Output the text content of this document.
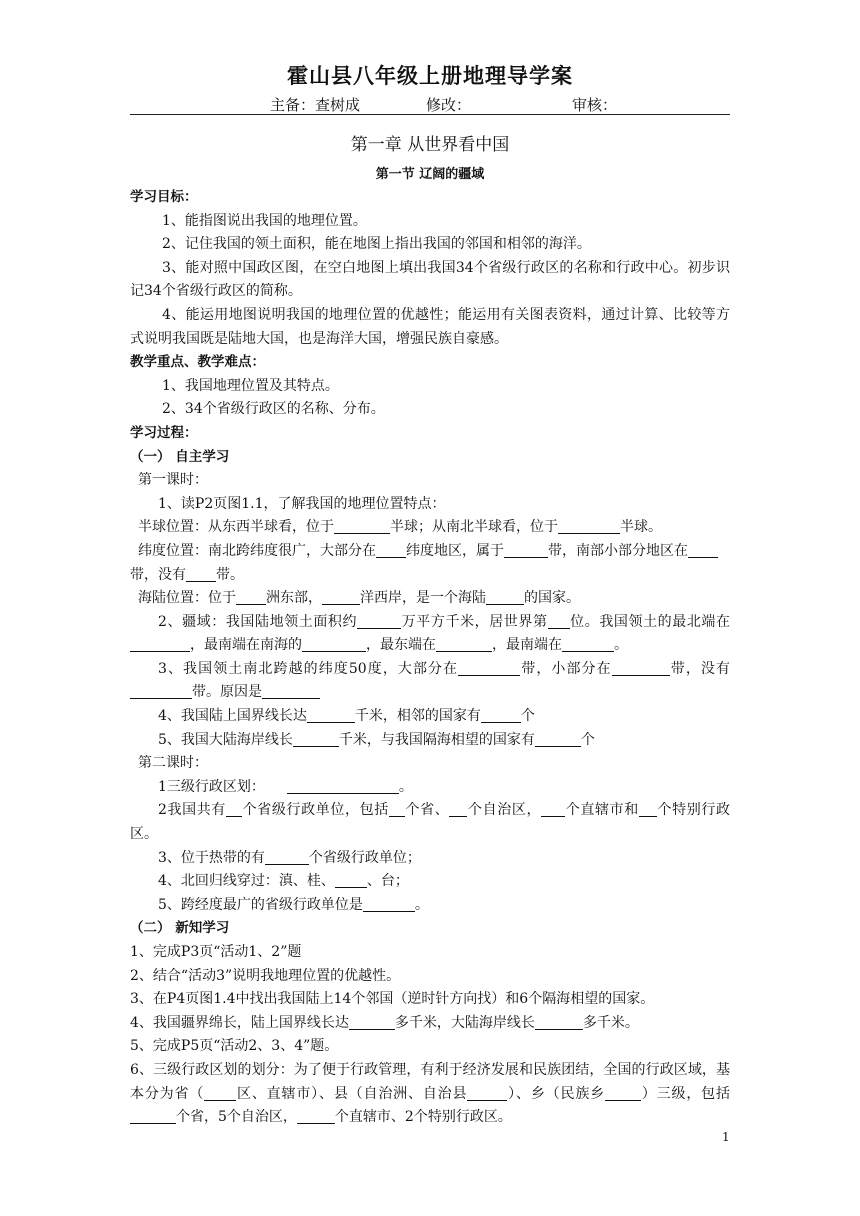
霍山县八年级上册地理导学案
主备：查树成	修改：	审核：
第一章 从世界看中国
第一节 辽阔的疆域

学习目标：

1、能指图说出我国的地理位置。

2、记住我国的领土面积，能在地图上指出我国的邻国和相邻的海洋。

3、能对照中国政区图，在空白地图上填出我国34个省级行政区的名称和行政中心。初步识记34个省级行政区的简称。

4、能运用地图说明我国的地理位置的优越性；能运用有关图表资料，通过计算、比较等方式说明我国既是陆地大国，也是海洋大国，增强民族自豪感。

教学重点、教学难点：

1、我国地理位置及其特点。

2、34个省级行政区的名称、分布。

学习过程：

（一） 自主学习

第一课时：

1、读P2页图1.1，了解我国的地理位置特点：

半球位置：从东西半球看，位于	半球；从南北半球看，位于	半球。

纬度位置：南北跨纬度很广，大部分在 纬度地区，属于	带，南部小部分地区在带，没有 带。

海陆位置：位于 洲东部，	洋西岸，是一个海陆	的国家。

2、疆域：我国陆地领土面积约	万平方千米，居世界第 位。我国领土的最北端在，最南端在南海的	，最东端在	，最南端在	。

3、我国领土南北跨越的纬度50度，大部分在	带，小部分在	带，没有带。原因是

4、我国陆上国界线长达	千米，相邻的国家有	个

5、我国大陆海岸线长	千米，与我国隔海相望的国家有	个

第二课时：

1三级行政区划：	。

2我国共有 个省级行政单位，包括 个省、 个自治区， 个直辖市和 个特别行政区。

3、位于热带的有	个省级行政单位；

4、北回归线穿过：滇、桂、 、台；

5、跨经度最广的省级行政单位是	。

（二） 新知学习

1、完成P3页“活动1、2”题

2、结合“活动3”说明我地理位置的优越性。

3、在P4页图1.4中找出我国陆上14个邻国（逆时针方向找）和6个隔海相望的国家。

4、我国疆界绵长，陆上国界线长达	多千米，大陆海岸线长	多千米。

5、完成P5页“活动2、3、4”题。

6、三级行政区划的划分：为了便于行政管理，有利于经济发展和民族团结，全国的行政区域，基本分为省（ 区、直辖市）、县（自治洲、自治县	）、乡（民族乡	）三级，包括个省，5个自治区，	个直辖市、2个特别行政区。

1
